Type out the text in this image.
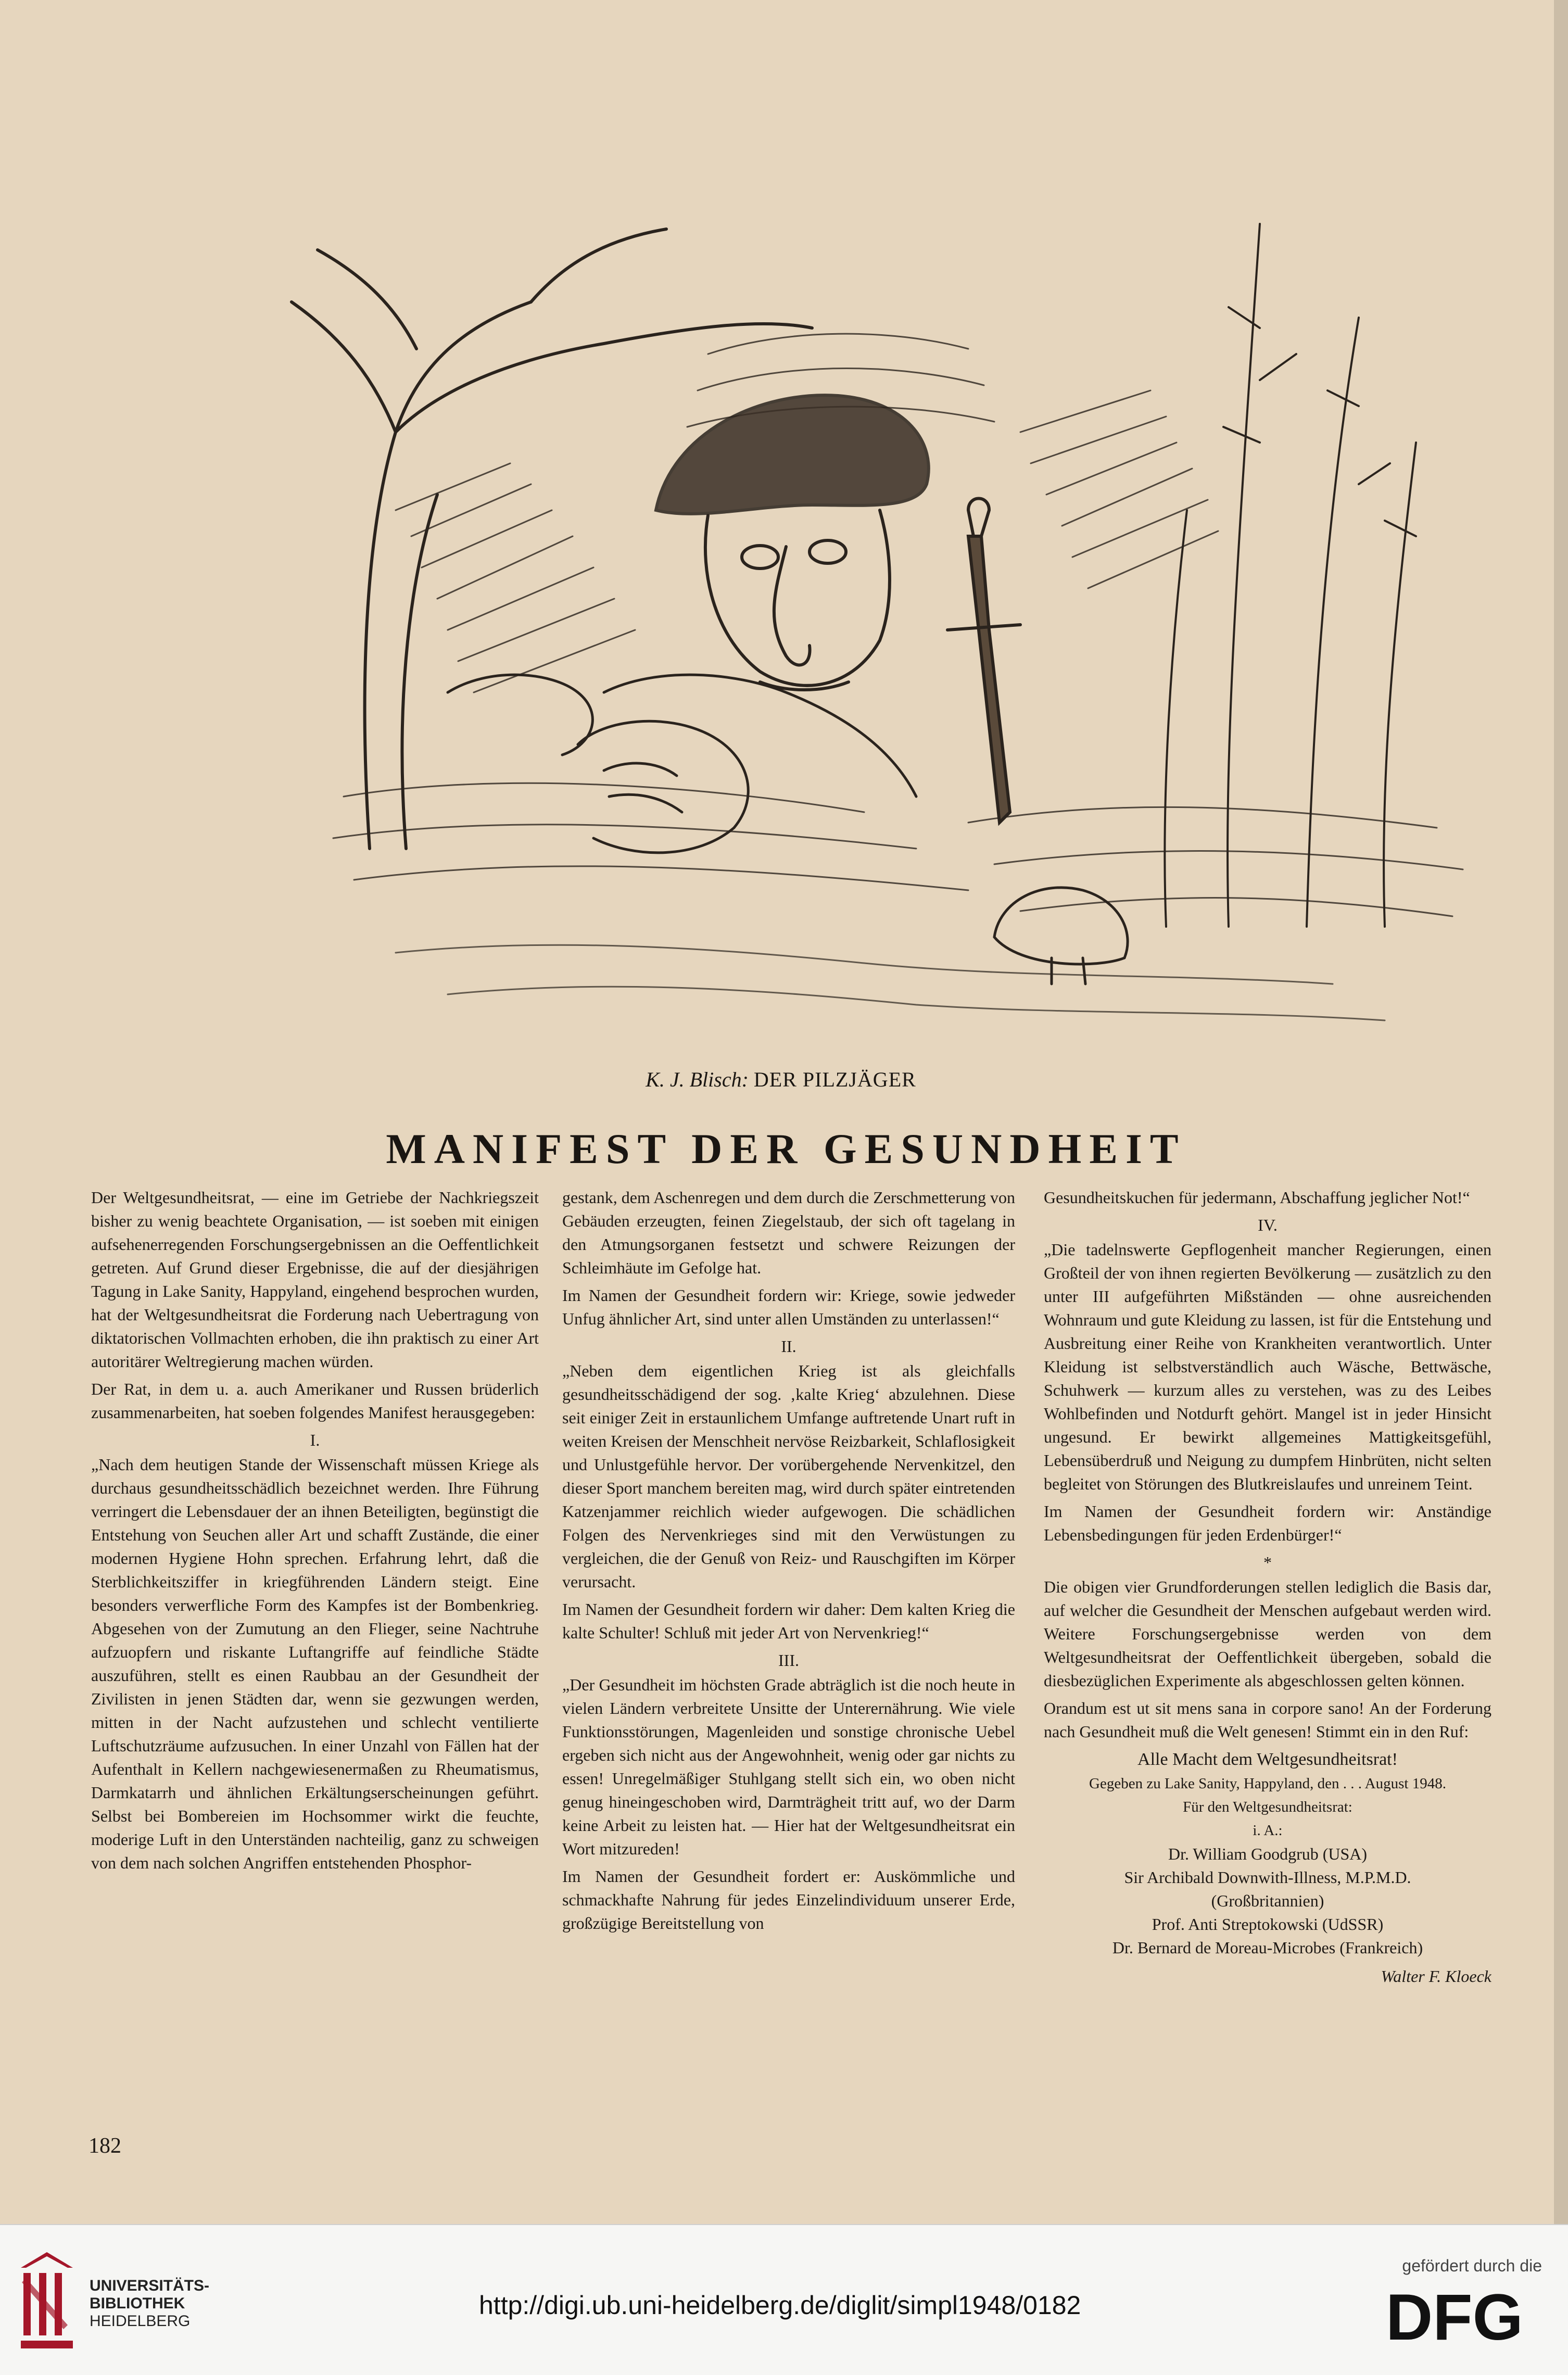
K. J. Blisch: DER PILZJÄGER
MANIFEST DER GESUNDHEIT

Der Weltgesundheitsrat, — eine im Getriebe der Nachkriegszeit bisher zu wenig beachtete Organisation, — ist soeben mit einigen aufsehenerregenden Forschungsergebnissen an die Oeffentlichkeit getreten. Auf Grund dieser Ergebnisse, die auf der diesjährigen Tagung in Lake Sanity, Happyland, eingehend besprochen wurden, hat der Weltgesundheitsrat die Forderung nach Uebertragung von diktatorischen Vollmachten erhoben, die ihn praktisch zu einer Art autoritärer Weltregierung machen würden.

Der Rat, in dem u. a. auch Amerikaner und Russen brüderlich zusammenarbeiten, hat soeben folgendes Manifest herausgegeben:

I.

„Nach dem heutigen Stande der Wissenschaft müssen Kriege als durchaus gesundheitsschädlich bezeichnet werden. Ihre Führung verringert die Lebensdauer der an ihnen Beteiligten, begünstigt die Entstehung von Seuchen aller Art und schafft Zustände, die einer modernen Hygiene Hohn sprechen. Erfahrung lehrt, daß die Sterblichkeitsziffer in kriegführenden Ländern steigt. Eine besonders verwerfliche Form des Kampfes ist der Bombenkrieg. Abgesehen von der Zumutung an den Flieger, seine Nachtruhe aufzuopfern und riskante Luftangriffe auf feindliche Städte auszuführen, stellt es einen Raubbau an der Gesundheit der Zivilisten in jenen Städten dar, wenn sie gezwungen werden, mitten in der Nacht aufzustehen und schlecht ventilierte Luftschutzräume aufzusuchen. In einer Unzahl von Fällen hat der Aufenthalt in Kellern nachgewiesenermaßen zu Rheumatismus, Darmkatarrh und ähnlichen Erkältungserscheinungen geführt. Selbst bei Bombereien im Hochsommer wirkt die feuchte, moderige Luft in den Unterständen nachteilig, ganz zu schweigen von dem nach solchen Angriffen entstehenden Phosphor-

gestank, dem Aschenregen und dem durch die Zerschmetterung von Gebäuden erzeugten, feinen Ziegelstaub, der sich oft tagelang in den Atmungsorganen festsetzt und schwere Reizungen der Schleimhäute im Gefolge hat.

Im Namen der Gesundheit fordern wir: Kriege, sowie jedweder Unfug ähnlicher Art, sind unter allen Umständen zu unterlassen!“

II.

„Neben dem eigentlichen Krieg ist als gleichfalls gesundheitsschädigend der sog. ‚kalte Krieg‘ abzulehnen. Diese seit einiger Zeit in erstaunlichem Umfange auftretende Unart ruft in weiten Kreisen der Menschheit nervöse Reizbarkeit, Schlaflosigkeit und Unlustgefühle hervor. Der vorübergehende Nervenkitzel, den dieser Sport manchem bereiten mag, wird durch später eintretenden Katzenjammer reichlich wieder aufgewogen. Die schädlichen Folgen des Nervenkrieges sind mit den Verwüstungen zu vergleichen, die der Genuß von Reiz- und Rauschgiften im Körper verursacht.

Im Namen der Gesundheit fordern wir daher: Dem kalten Krieg die kalte Schulter! Schluß mit jeder Art von Nervenkrieg!“

III.

„Der Gesundheit im höchsten Grade abträglich ist die noch heute in vielen Ländern verbreitete Unsitte der Unterernährung. Wie viele Funktionsstörungen, Magenleiden und sonstige chronische Uebel ergeben sich nicht aus der Angewohnheit, wenig oder gar nichts zu essen! Unregelmäßiger Stuhlgang stellt sich ein, wo oben nicht genug hineingeschoben wird, Darmträgheit tritt auf, wo der Darm keine Arbeit zu leisten hat. — Hier hat der Weltgesundheitsrat ein Wort mitzureden!

Im Namen der Gesundheit fordert er: Auskömmliche und schmackhafte Nahrung für jedes Einzelindividuum unserer Erde, großzügige Bereitstellung von

Gesundheitskuchen für jedermann, Abschaffung jeglicher Not!“

IV.

„Die tadelnswerte Gepflogenheit mancher Regierungen, einen Großteil der von ihnen regierten Bevölkerung — zusätzlich zu den unter III aufgeführten Mißständen — ohne ausreichenden Wohnraum und gute Kleidung zu lassen, ist für die Entstehung und Ausbreitung einer Reihe von Krankheiten verantwortlich. Unter Kleidung ist selbstverständlich auch Wäsche, Bettwäsche, Schuhwerk — kurzum alles zu verstehen, was zu des Leibes Wohlbefinden und Notdurft gehört. Mangel ist in jeder Hinsicht ungesund. Er bewirkt allgemeines Mattigkeitsgefühl, Lebensüberdruß und Neigung zu dumpfem Hinbrüten, nicht selten begleitet von Störungen des Blutkreislaufes und unreinem Teint.

Im Namen der Gesundheit fordern wir: Anständige Lebensbedingungen für jeden Erdenbürger!“

*

Die obigen vier Grundforderungen stellen lediglich die Basis dar, auf welcher die Gesundheit der Menschen aufgebaut werden wird. Weitere Forschungsergebnisse werden von dem Weltgesundheitsrat der Oeffentlichkeit übergeben, sobald die diesbezüglichen Experimente als abgeschlossen gelten können.

Orandum est ut sit mens sana in corpore sano! An der Forderung nach Gesundheit muß die Welt genesen! Stimmt ein in den Ruf:

Alle Macht dem Weltgesundheitsrat!
Gegeben zu Lake Sanity, Happyland, den . . . August 1948.
Für den Weltgesundheitsrat:
i. A.:
Dr. William Goodgrub (USA)
Sir Archibald Downwith-Illness, M.P.M.D.
(Großbritannien)
Prof. Anti Streptokowski (UdSSR)
Dr. Bernard de Moreau-Microbes (Frankreich)
Walter F. Kloeck
182
UNIVERSITÄTS-
BIBLIOTHEK
HEIDELBERG
http://digi.ub.uni-heidelberg.de/diglit/simpl1948/0182
gefördert durch die
DFG
